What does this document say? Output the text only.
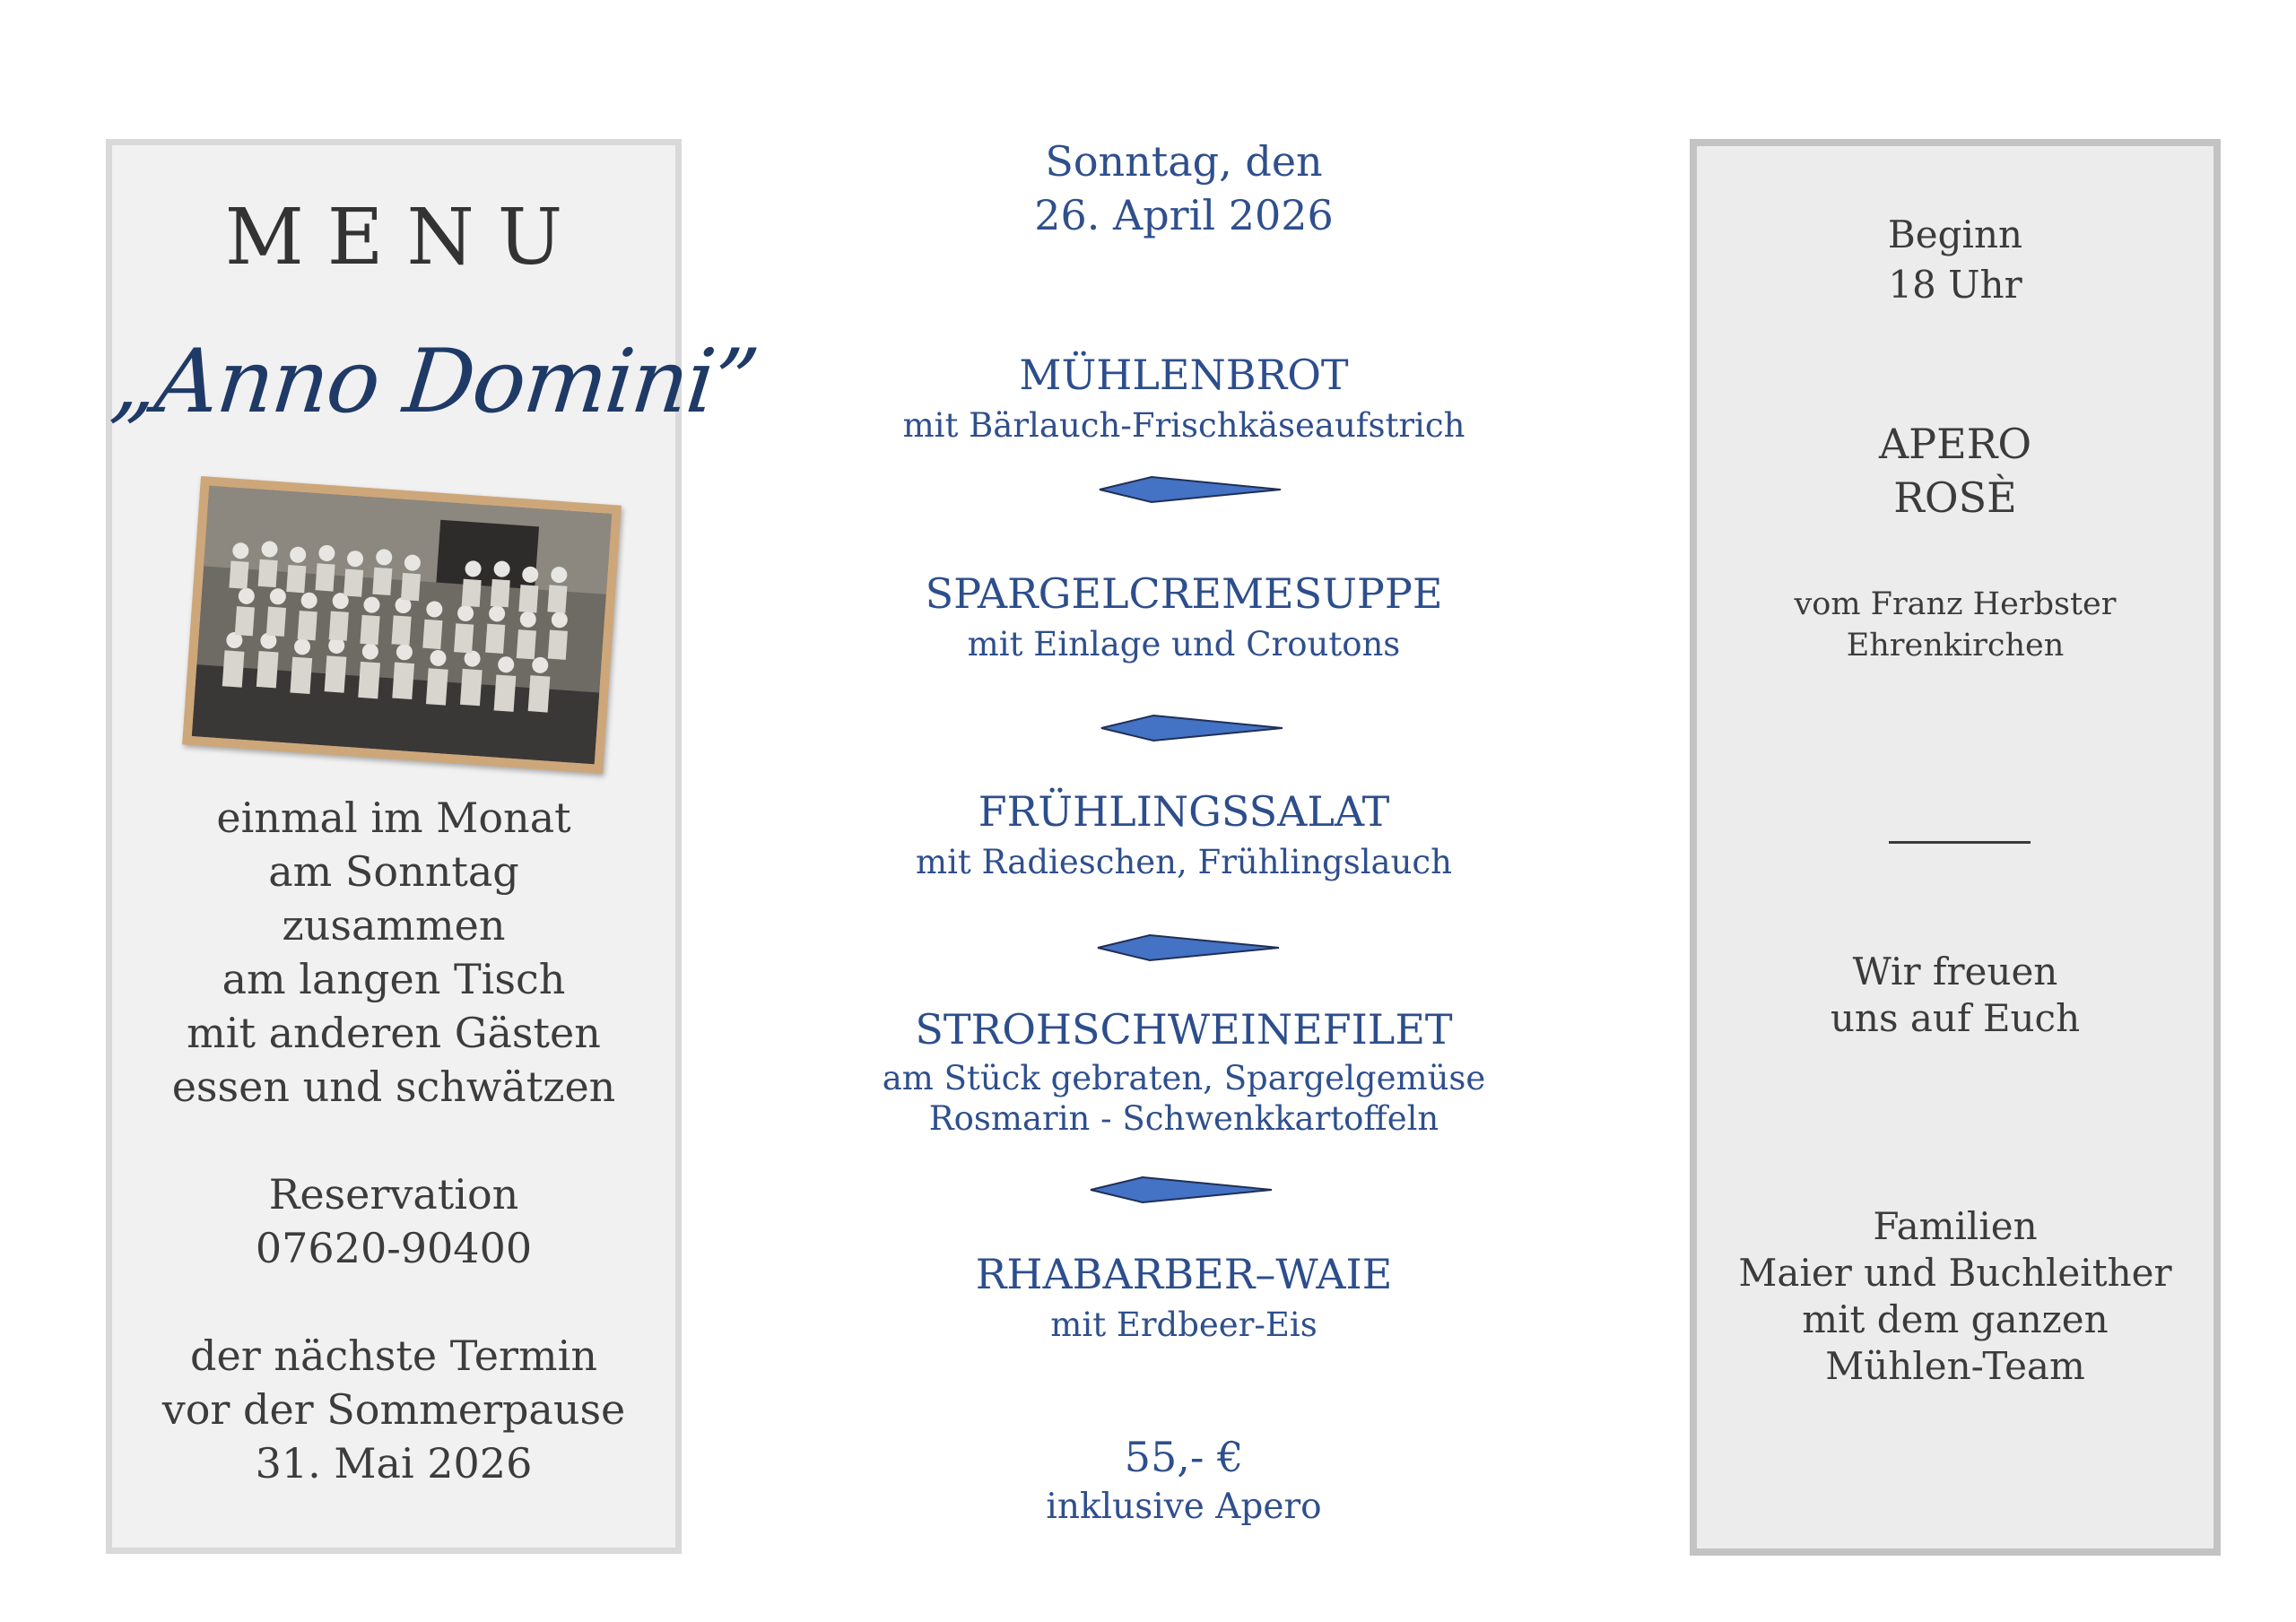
MENU
„Anno Domini”
einmal im Monat
am Sonntag
zusammen
am langen Tisch
mit anderen Gästen
essen und schwätzen
Reservation
07620-90400
der nächste Termin
vor der Sommerpause
31. Mai 2026
Sonntag, den
26. April 2026
MÜHLENBROT
mit Bärlauch-Frischkäseaufstrich
SPARGELCREMESUPPE
mit Einlage und Croutons
FRÜHLINGSSALAT
mit Radieschen, Frühlingslauch
STROHSCHWEINEFILET
am Stück gebraten, Spargelgemüse
Rosmarin - Schwenkkartoffeln
RHABARBER–WAIE
mit Erdbeer-Eis
55,- €
inklusive Apero
Beginn
18 Uhr
APERO
ROSÈ
vom Franz Herbster
Ehrenkirchen
Wir freuen
uns auf Euch
Familien
Maier und Buchleither
mit dem ganzen
Mühlen-Team
